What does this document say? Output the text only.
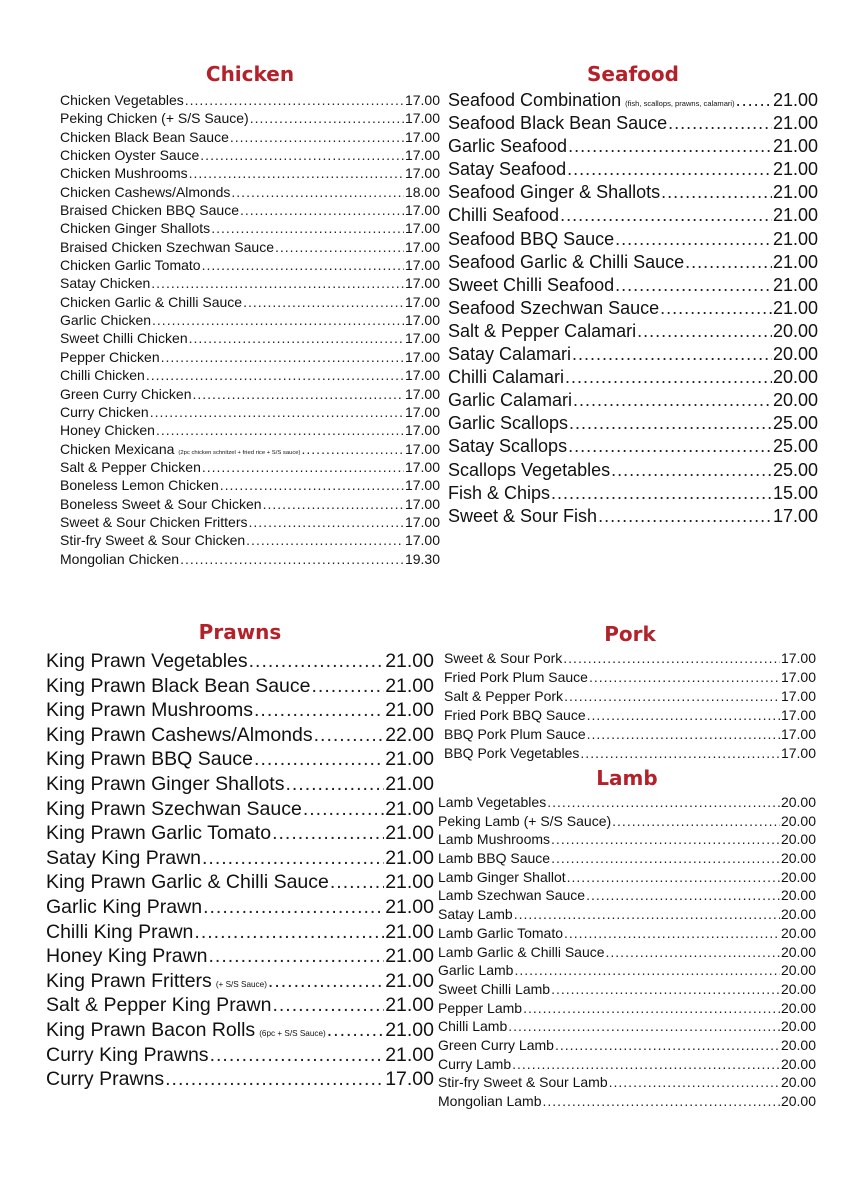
Chicken
Chicken Vegetables .....	17.00
Peking Chicken (+ S/S Sauce) .....	17.00
Chicken Black Bean Sauce .....	17.00
Chicken Oyster Sauce .....	17.00
Chicken Mushrooms .....	17.00
Chicken Cashews/Almonds .....	18.00
Braised Chicken BBQ Sauce .....	17.00
Chicken Ginger Shallots .....	17.00
Braised Chicken Szechwan Sauce .....	17.00
Chicken Garlic Tomato .....	17.00
Satay Chicken .....	17.00
Chicken Garlic & Chilli Sauce .....	17.00
Garlic Chicken .....	17.00
Sweet Chilli Chicken .....	17.00
Pepper Chicken .....	17.00
Chilli Chicken .....	17.00
Green Curry Chicken .....	17.00
Curry Chicken .....	17.00
Honey Chicken .....	17.00
Chicken Mexicana (2pc chicken schnitzel + fried rice + S/S sauce) .....	17.00
Salt & Pepper Chicken .....	17.00
Boneless Lemon Chicken .....	17.00
Boneless Sweet & Sour Chicken .....	17.00
Sweet & Sour Chicken Fritters .....	17.00
Stir-fry Sweet & Sour Chicken .....	17.00
Mongolian Chicken .....	19.30
Seafood
Seafood Combination (fish, scallops, prawns, calamari) ..... 21.00
Seafood Black Bean Sauce .....	21.00
Garlic Seafood .....	21.00
Satay Seafood .....	21.00
Seafood Ginger & Shallots .....	21.00
Chilli Seafood .....	21.00
Seafood BBQ Sauce .....	21.00
Seafood Garlic & Chilli Sauce .....	21.00
Sweet Chilli Seafood .....	21.00
Seafood Szechwan Sauce .....	21.00
Salt & Pepper Calamari .....	20.00
Satay Calamari .....	20.00
Chilli Calamari .....	20.00
Garlic Calamari .....	20.00
Garlic Scallops .....	25.00
Satay Scallops .....	25.00
Scallops Vegetables .....	25.00
Fish & Chips .....	15.00
Sweet & Sour Fish .....	17.00
Prawns
King Prawn Vegetables .....	21.00
King Prawn Black Bean Sauce .....	21.00
King Prawn Mushrooms .....	21.00
King Prawn Cashews/Almonds .....	22.00
King Prawn BBQ Sauce .....	21.00
King Prawn Ginger Shallots .....	21.00
King Prawn Szechwan Sauce .....	21.00
King Prawn Garlic Tomato .....	21.00
Satay King Prawn .....	21.00
King Prawn Garlic & Chilli Sauce .....	21.00
Garlic King Prawn .....	21.00
Chilli King Prawn .....	21.00
Honey King Prawn .....	21.00
King Prawn Fritters (+ S/S Sauce) .....	21.00
Salt & Pepper King Prawn .....	21.00
King Prawn Bacon Rolls (6pc + S/S Sauce) .....	21.00
Curry King Prawns .....	21.00
Curry Prawns .....	17.00
Pork
Sweet & Sour Pork .....	17.00
Fried Pork Plum Sauce .....	17.00
Salt & Pepper Pork .....	17.00
Fried Pork BBQ Sauce .....	17.00
BBQ Pork Plum Sauce .....	17.00
BBQ Pork Vegetables .....	17.00
Lamb
Lamb Vegetables .....	20.00
Peking Lamb (+ S/S Sauce) .....	20.00
Lamb Mushrooms .....	20.00
Lamb BBQ Sauce .....	20.00
Lamb Ginger Shallot .....	20.00
Lamb Szechwan Sauce .....	20.00
Satay Lamb .....	20.00
Lamb Garlic Tomato .....	20.00
Lamb Garlic & Chilli Sauce .....	20.00
Garlic Lamb .....	20.00
Sweet Chilli Lamb .....	20.00
Pepper Lamb .....	20.00
Chilli Lamb .....	20.00
Green Curry Lamb .....	20.00
Curry Lamb .....	20.00
Stir-fry Sweet & Sour Lamb .....	20.00
Mongolian Lamb .....	20.00
